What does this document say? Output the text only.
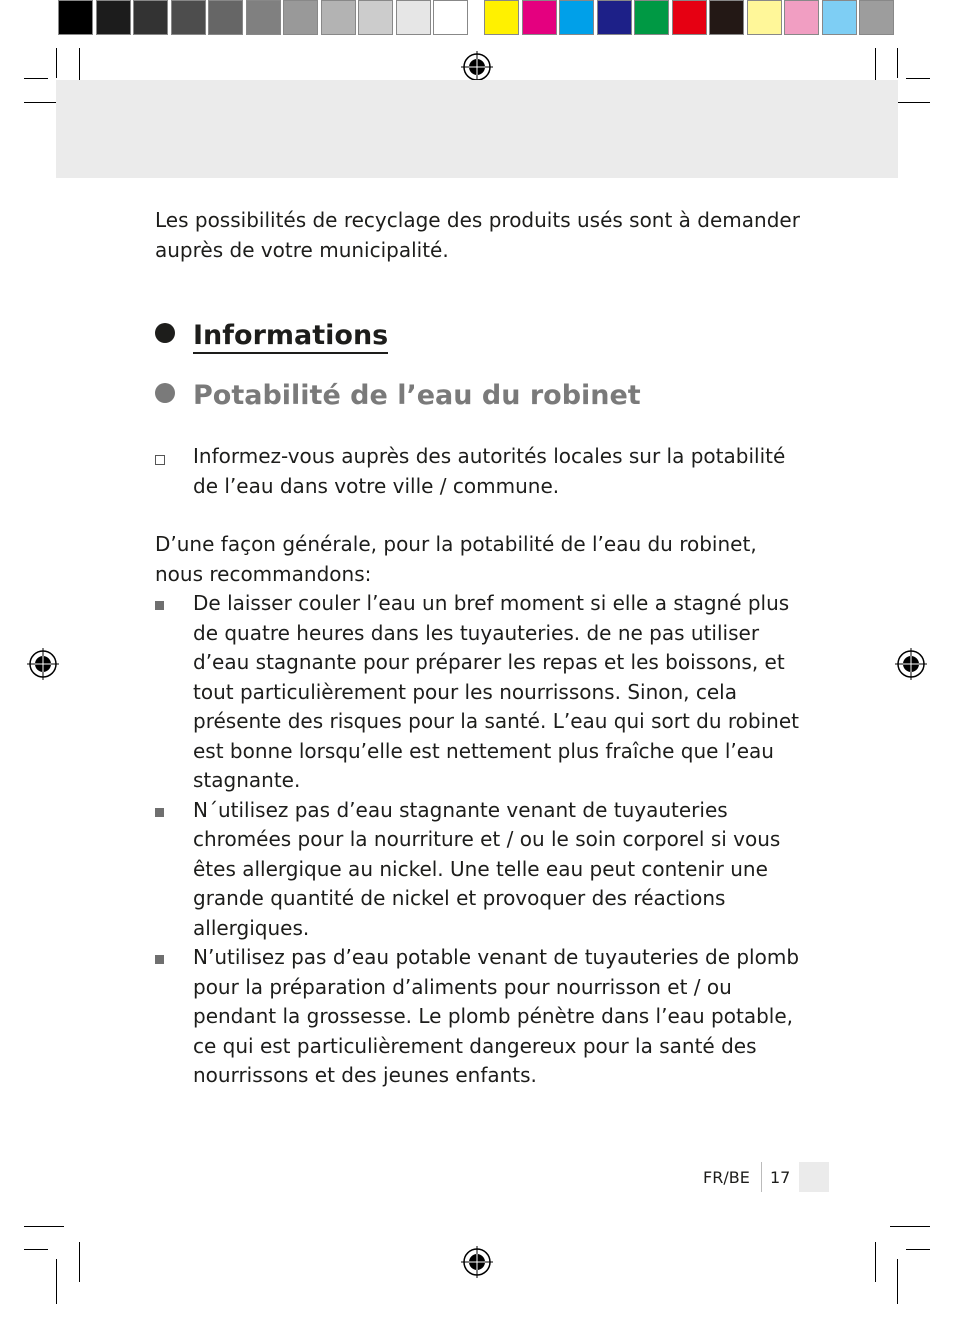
Les possibilités de recyclage des produits usés sont à demander auprès de votre municipalité.

Informations
Potabilité de l’eau du robinet
Informez-vous auprès des autorités locales sur la potabilité de l’eau dans votre ville / commune.

D’une façon générale, pour la potabilité de l’eau du robinet, nous recommandons:

De laisser couler l’eau un bref moment si elle a stagné plus de quatre heures dans les tuyauteries. de ne pas utiliser d’eau stagnante pour préparer les repas et les boissons, et tout particulièrement pour les nourrissons. Sinon, cela présente des risques pour la santé. L’eau qui sort du robinet est bonne lorsqu’elle est nettement plus fraîche que l’eau stagnante.
N´utilisez pas d’eau stagnante venant de tuyauteries chromées pour la nourriture et / ou le soin corporel si vous êtes allergique au nickel. Une telle eau peut contenir une grande quantité de nickel et provoquer des réactions allergiques.
N’utilisez pas d’eau potable venant de tuyauteries de plomb pour la préparation d’aliments pour nourrisson et / ou pendant la grossesse. Le plomb pénètre dans l’eau potable, ce qui est particulièrement dangereux pour la santé des nourrissons et des jeunes enfants.
FR/BE 17
